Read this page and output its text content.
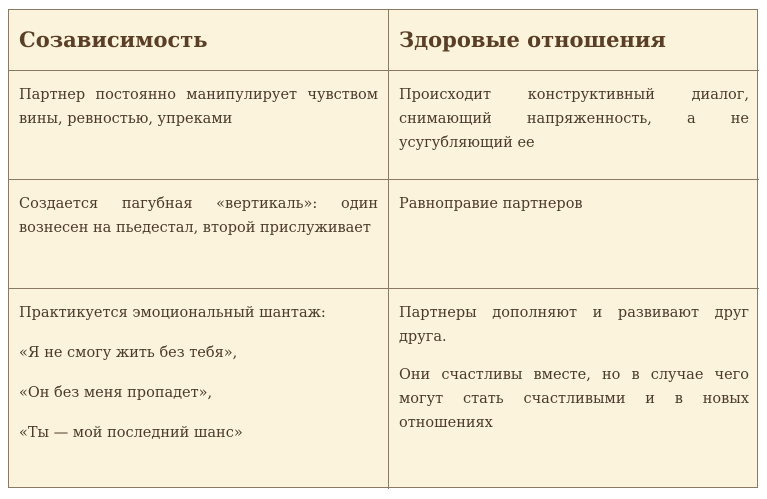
Созависимость	Здоровые отношения

Партнер постоянно манипулирует чувством вины, ревностью, упреками

Происходит конструктивный диалог, снимающий напряженность, а не усугубляющий ее

Создается пагубная «вертикаль»: один вознесен на пьедестал, второй прислуживает

Равноправие партнеров

Практикуется эмоциональный шантаж:

«Я не смогу жить без тебя»,

«Он без меня пропадет»,

«Ты — мой последний шанс»

Партнеры дополняют и развивают друг друга.

Они счастливы вместе, но в случае чего могут стать счастливыми и в новых отношениях
